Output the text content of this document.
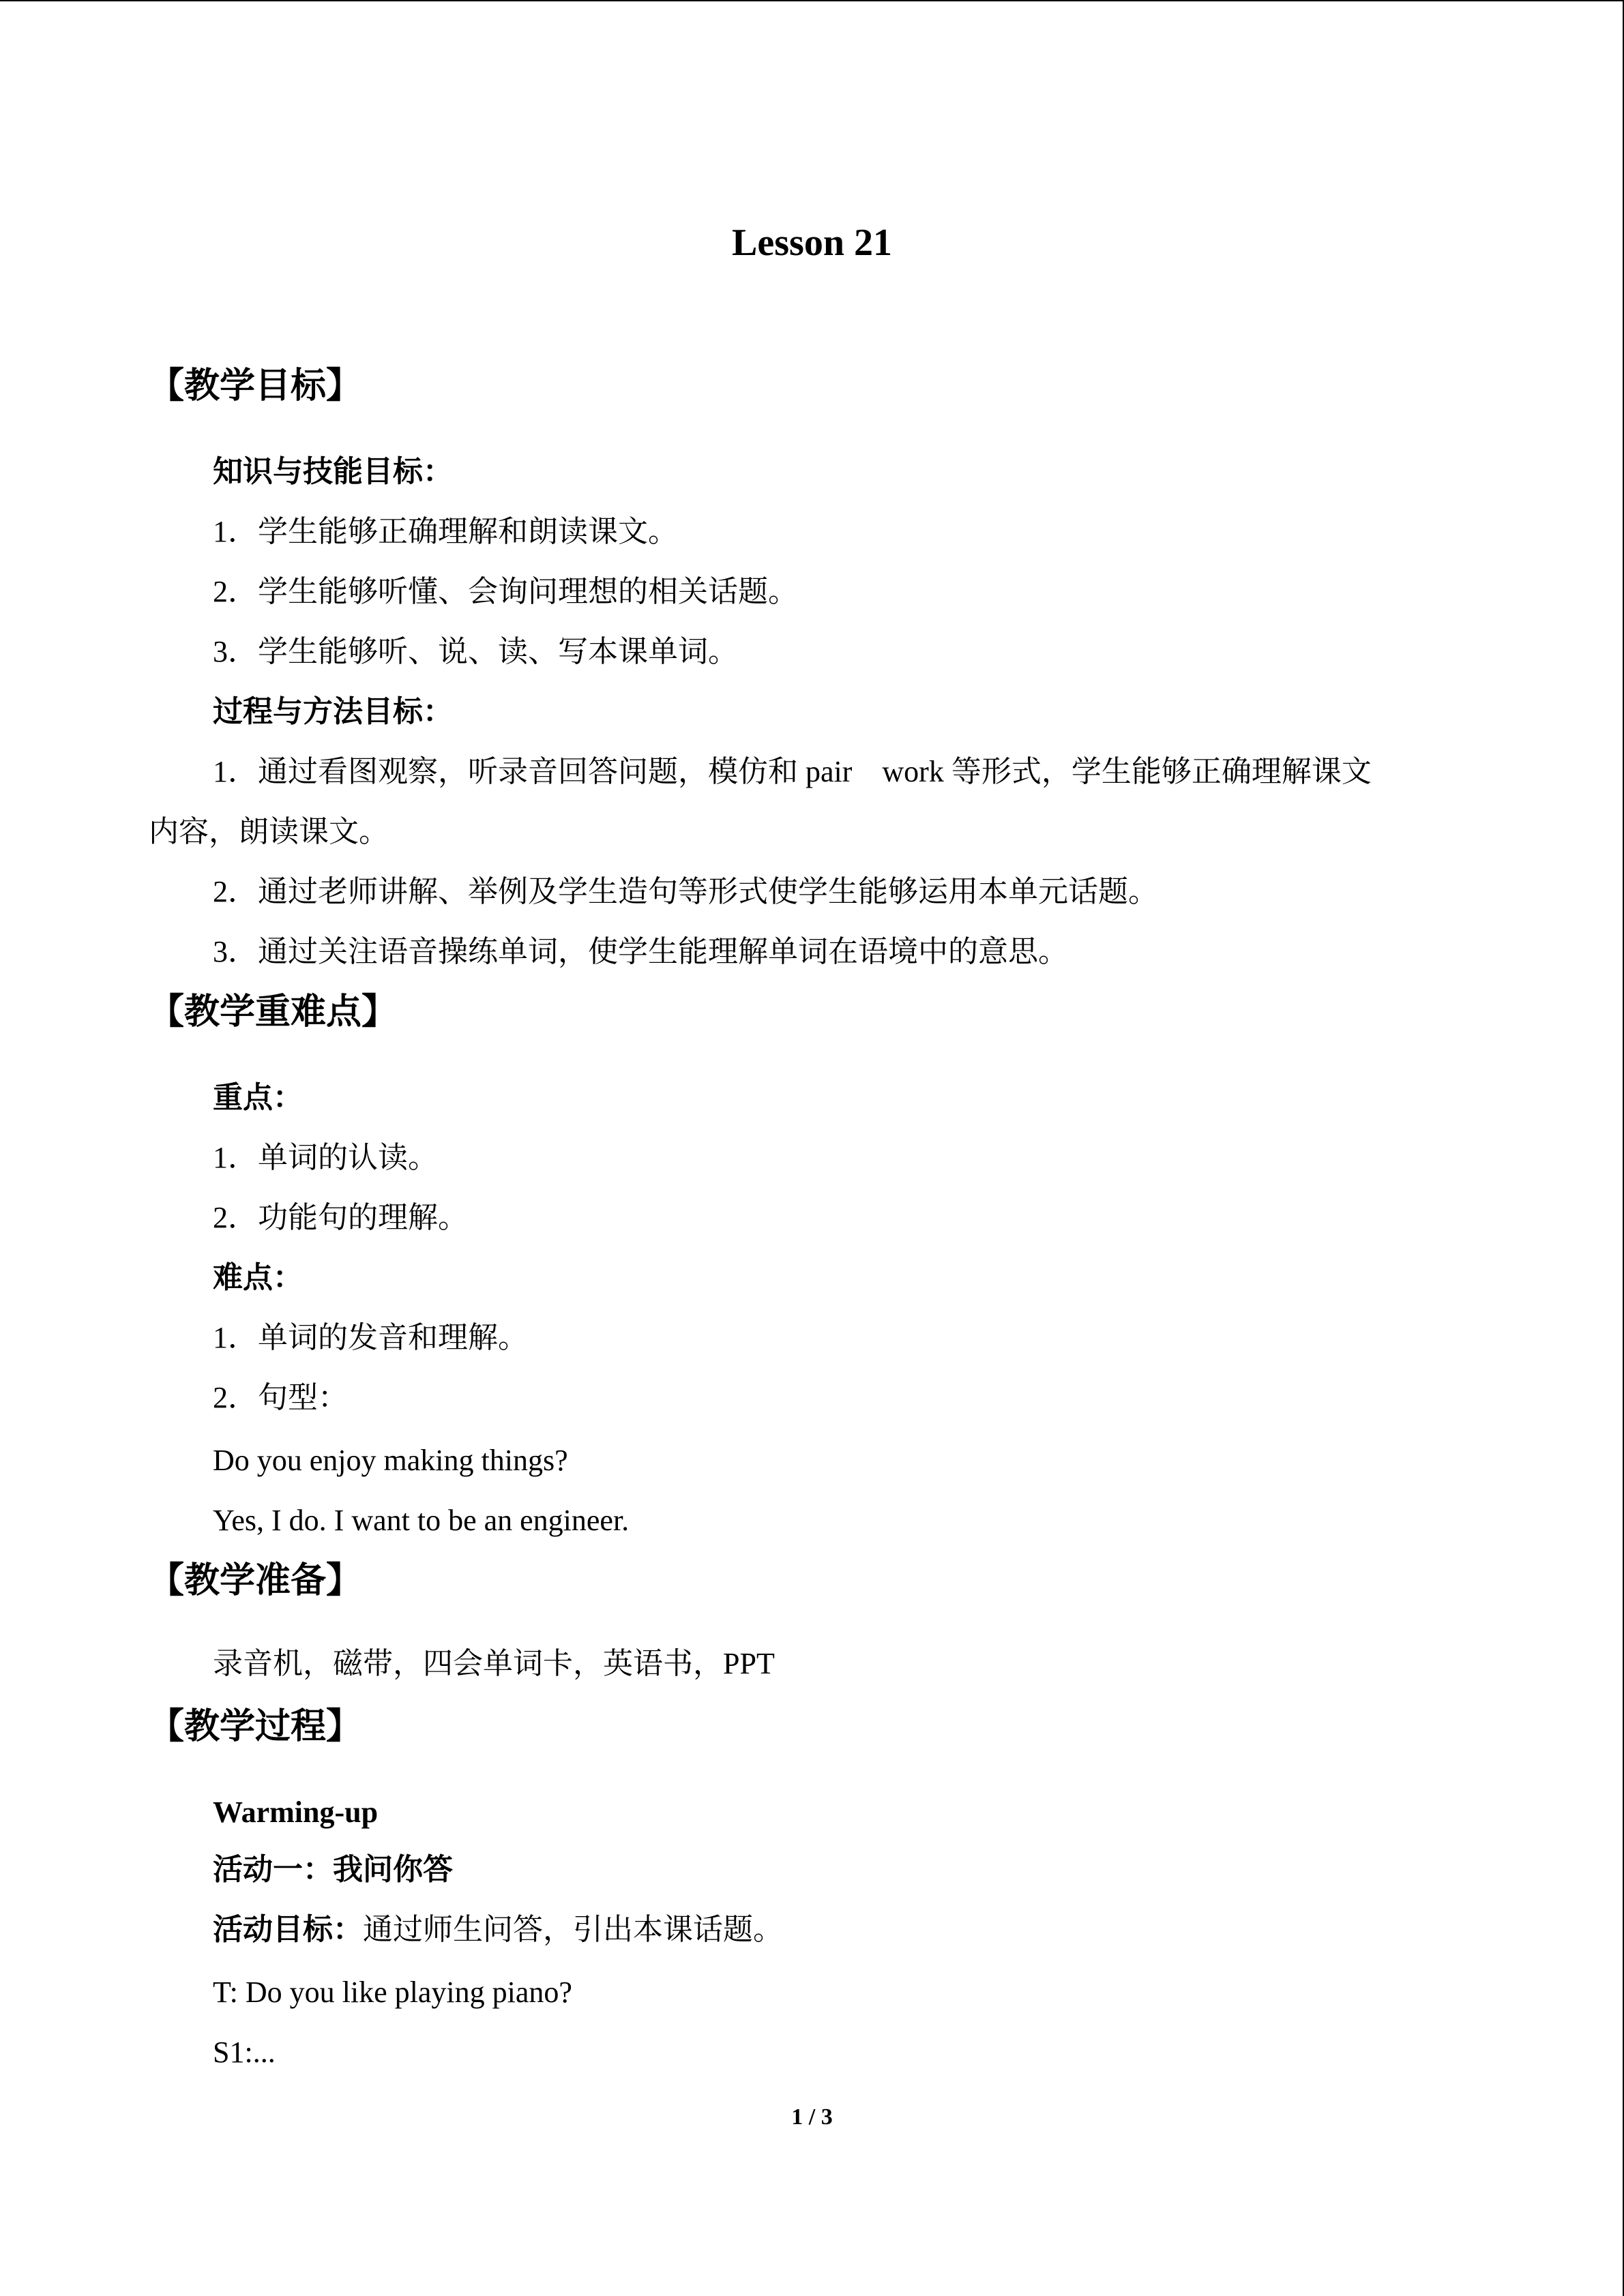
Lesson 21
【教学目标】
知识与技能目标：
1．学生能够正确理解和朗读课文。
2．学生能够听懂、会询问理想的相关话题。
3．学生能够听、说、读、写本课单词。
过程与方法目标：
1．通过看图观察，听录音回答问题，模仿和 pair　work 等形式，学生能够正确理解课文
内容，朗读课文。
2．通过老师讲解、举例及学生造句等形式使学生能够运用本单元话题。
3．通过关注语音操练单词，使学生能理解单词在语境中的意思。
【教学重难点】
重点：
1．单词的认读。
2．功能句的理解。
难点：
1．单词的发音和理解。
2．句型：
Do you enjoy making things?
Yes, I do. I want to be an engineer.
【教学准备】
录音机，磁带，四会单词卡，英语书，PPT
【教学过程】
Warming-up
活动一：我问你答
活动目标：通过师生问答，引出本课话题。
T: Do you like playing piano?
S1:...
1 / 3
